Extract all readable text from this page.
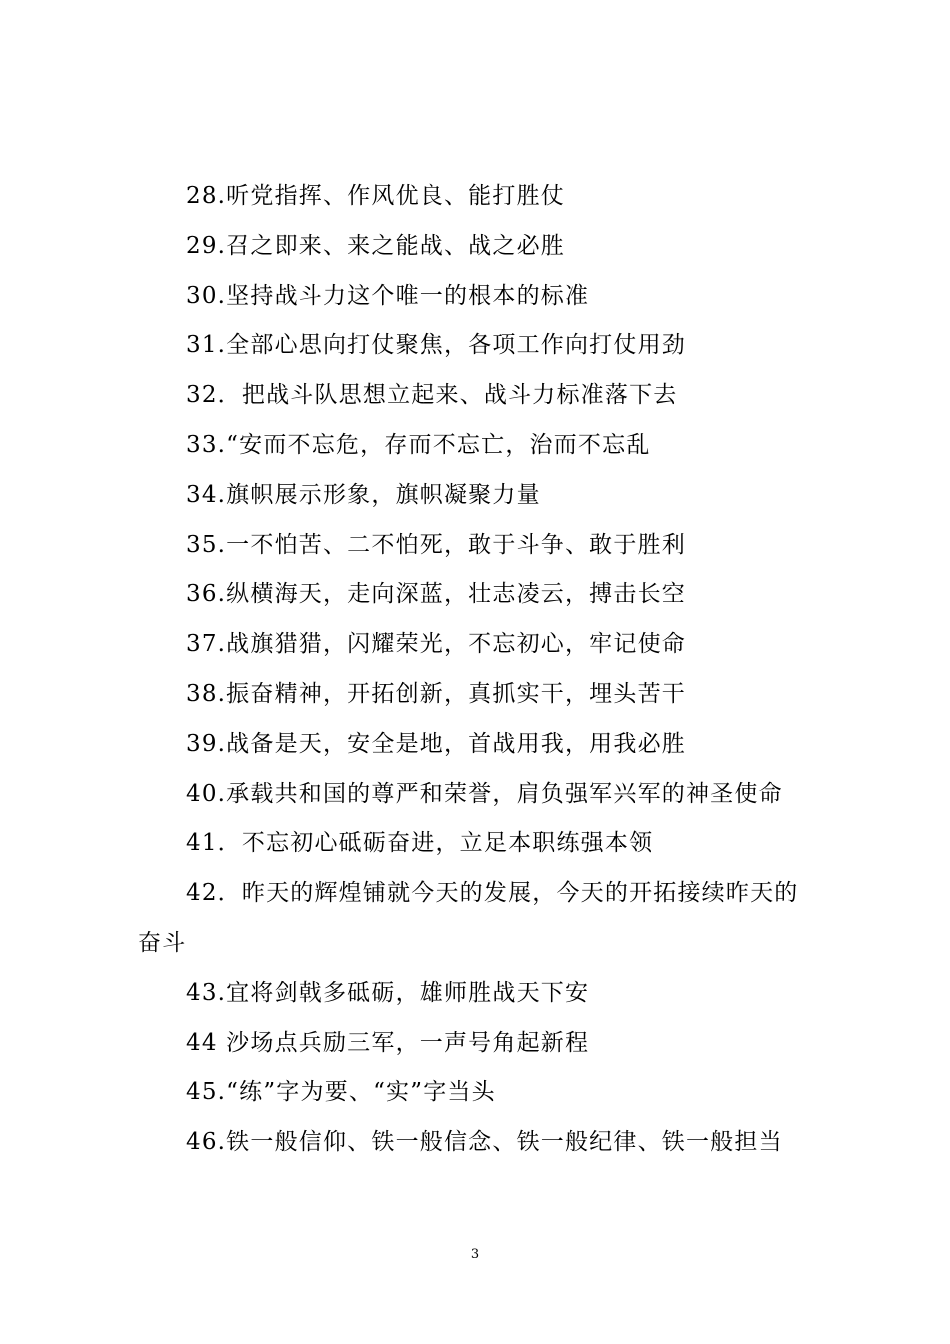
28.听党指挥、作风优良、能打胜仗

29.召之即来、来之能战、战之必胜

30.坚持战斗力这个唯一的根本的标准

31.全部心思向打仗聚焦，各项工作向打仗用劲

32．把战斗队思想立起来、战斗力标准落下去

33.“安而不忘危，存而不忘亡，治而不忘乱

34.旗帜展示形象，旗帜凝聚力量

35.一不怕苦、二不怕死，敢于斗争、敢于胜利

36.纵横海天，走向深蓝，壮志凌云，搏击长空

37.战旗猎猎，闪耀荣光，不忘初心，牢记使命

38.振奋精神，开拓创新，真抓实干，埋头苦干

39.战备是天，安全是地，首战用我，用我必胜

40.承载共和国的尊严和荣誉，肩负强军兴军的神圣使命

41．不忘初心砥砺奋进，立足本职练强本领

42．昨天的辉煌铺就今天的发展，今天的开拓接续昨天的奋斗

43.宜将剑戟多砥砺，雄师胜战天下安

44 沙场点兵励三军，一声号角起新程

45.“练”字为要、“实”字当头

46.铁一般信仰、铁一般信念、铁一般纪律、铁一般担当

3
